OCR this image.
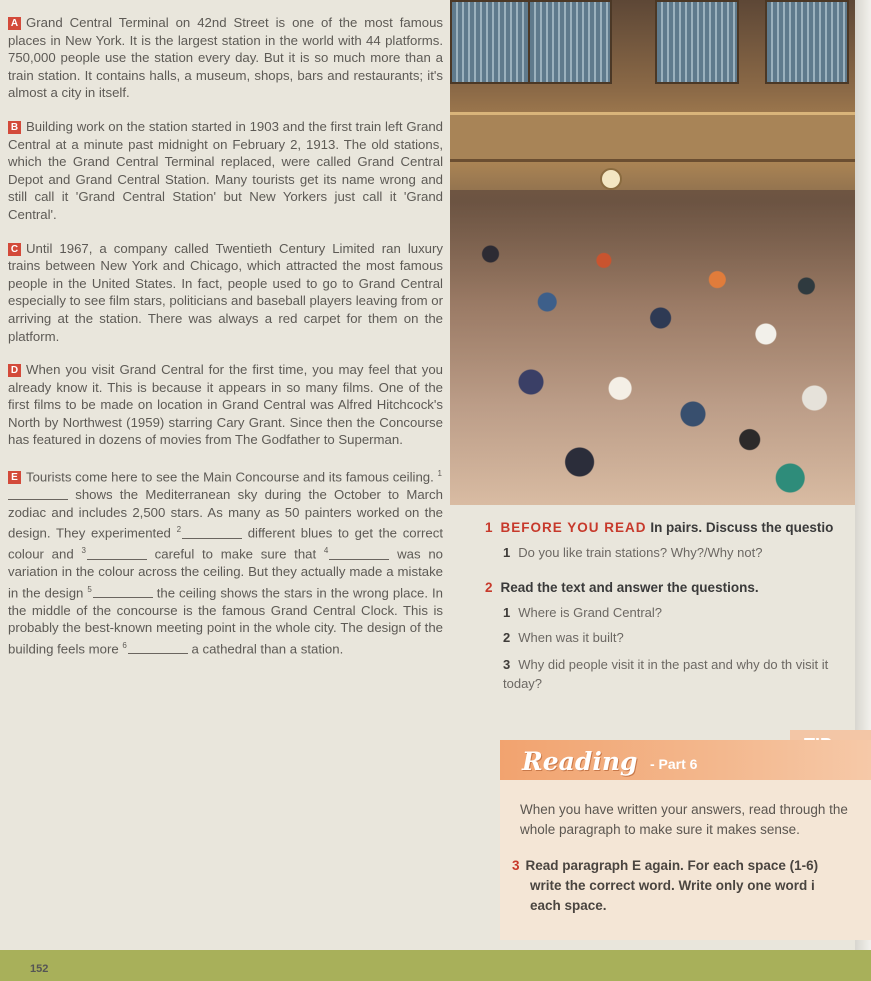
A Grand Central Terminal on 42nd Street is one of the most famous places in New York. It is the largest station in the world with 44 platforms. 750,000 people use the station every day. But it is so much more than a train station. It contains halls, a museum, shops, bars and restaurants; it's almost a city in itself.

B Building work on the station started in 1903 and the first train left Grand Central at a minute past midnight on February 2, 1913. The old stations, which the Grand Central Terminal replaced, were called Grand Central Depot and Grand Central Station. Many tourists get its name wrong and still call it 'Grand Central Station' but New Yorkers just call it 'Grand Central'.

C Until 1967, a company called Twentieth Century Limited ran luxury trains between New York and Chicago, which attracted the most famous people in the United States. In fact, people used to go to Grand Central especially to see film stars, politicians and baseball players leaving from or arriving at the station. There was always a red carpet for them on the platform.

D When you visit Grand Central for the first time, you may feel that you already know it. This is because it appears in so many films. One of the first films to be made on location in Grand Central was Alfred Hitchcock's North by Northwest (1959) starring Cary Grant. Since then the Concourse has featured in dozens of movies from The Godfather to Superman.

E Tourists come here to see the Main Concourse and its famous ceiling. $^1$ shows the Mediterranean sky during the October to March zodiac and includes 2,500 stars. As many as 50 painters worked on the design. They experimented $^2$	different blues to get the correct colour and $^3$	careful to make sure that $^4$	was no variation in the colour across the ceiling. But they actually made a mistake in the design $^5$	the ceiling shows the stars in the wrong place. In the middle of the concourse is the famous Grand Central Clock. This is probably the best-known meeting point in the whole city. The design of the building feels more $^6$	a cathedral than a station.

1 BEFORE YOU READ In pairs. Discuss the questio
1 Do you like train stations? Why?/Why not?
2 Read the text and answer the questions.
1 Where is Grand Central?
2 When was it built?
3 Why did people visit it in the past and why do th visit it today?
Reading - Part 6
When you have written your answers, read through the
whole paragraph to make sure it makes sense.
3 Read paragraph E again. For each space (1-6)
write the correct word. Write only one word i
each space.
152
